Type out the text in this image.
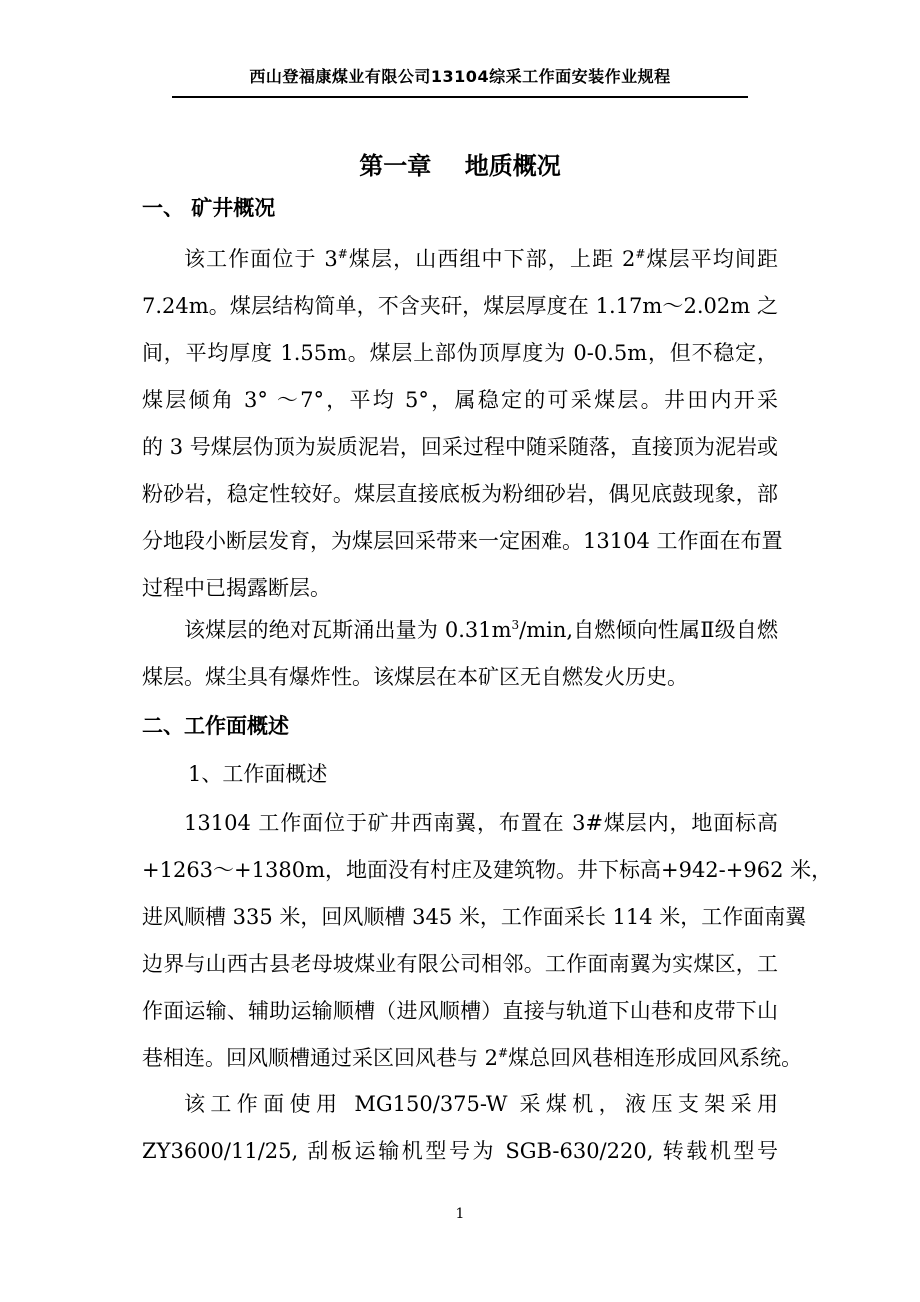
西山登福康煤业有限公司13104综采工作面安装作业规程
第一章    地质概况
一、 矿井概况
该工作面位于 3#煤层，山西组中下部，上距 2#煤层平均间距
7.24m。煤层结构简单，不含夹矸，煤层厚度在 1.17m～2.02m 之
间，平均厚度 1.55m。煤层上部伪顶厚度为 0-0.5m，但不稳定，
煤层倾角 3° ～7°，平均 5°，属稳定的可采煤层。井田内开采
的 3 号煤层伪顶为炭质泥岩，回采过程中随采随落，直接顶为泥岩或
粉砂岩，稳定性较好。煤层直接底板为粉细砂岩，偶见底鼓现象，部
分地段小断层发育，为煤层回采带来一定困难。13104 工作面在布置
过程中已揭露断层。
该煤层的绝对瓦斯涌出量为 $0.31m^3/\min$,自燃倾向性属Ⅱ级自燃
煤层。煤尘具有爆炸性。该煤层在本矿区无自燃发火历史。
二、工作面概述
1、工作面概述
13104 工作面位于矿井西南翼，布置在 3#煤层内，地面标高
+1263～+1380m，地面没有村庄及建筑物。井下标高+942-+962 米，
进风顺槽 335 米，回风顺槽 345 米，工作面采长 114 米，工作面南翼
边界与山西古县老母坡煤业有限公司相邻。工作面南翼为实煤区，工
作面运输、辅助运输顺槽（进风顺槽）直接与轨道下山巷和皮带下山
巷相连。回风顺槽通过采区回风巷与 2#煤总回风巷相连形成回风系统。
该工作面使用 MG150/375-W 采煤机，液压支架采用
ZY3600/11/25, 刮板运输机型号为 SGB-630/220, 转载机型号
1
